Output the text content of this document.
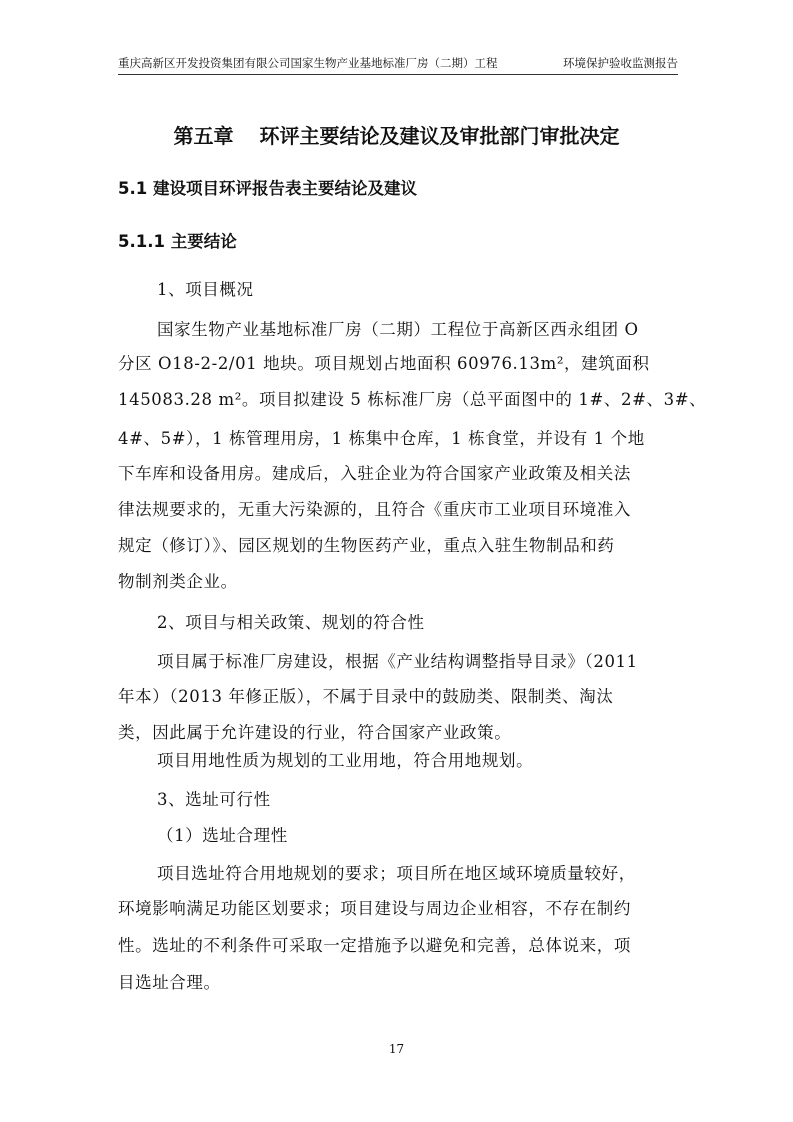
重庆高新区开发投资集团有限公司国家生物产业基地标准厂房（二期）工程	环境保护验收监测报告
第五章 环评主要结论及建议及审批部门审批决定
5.1 建设项目环评报告表主要结论及建议
5.1.1 主要结论
1、项目概况
国家生物产业基地标准厂房（二期）工程位于高新区西永组团 O
分区 O18-2-2/01 地块。项目规划占地面积 60976.13m²，建筑面积
145083.28 m²。项目拟建设 5 栋标准厂房（总平面图中的 1#、2#、3#、
4#、5#），1 栋管理用房，1 栋集中仓库，1 栋食堂，并设有 1 个地
下车库和设备用房。建成后，入驻企业为符合国家产业政策及相关法
律法规要求的，无重大污染源的，且符合《重庆市工业项目环境准入
规定（修订）》、园区规划的生物医药产业，重点入驻生物制品和药
物制剂类企业。
2、项目与相关政策、规划的符合性
项目属于标准厂房建设，根据《产业结构调整指导目录》（2011
年本）（2013 年修正版），不属于目录中的鼓励类、限制类、淘汰
类，因此属于允许建设的行业，符合国家产业政策。
项目用地性质为规划的工业用地，符合用地规划。
3、选址可行性
（1）选址合理性
项目选址符合用地规划的要求；项目所在地区域环境质量较好，
环境影响满足功能区划要求；项目建设与周边企业相容，不存在制约
性。选址的不利条件可采取一定措施予以避免和完善，总体说来，项
目选址合理。
17
